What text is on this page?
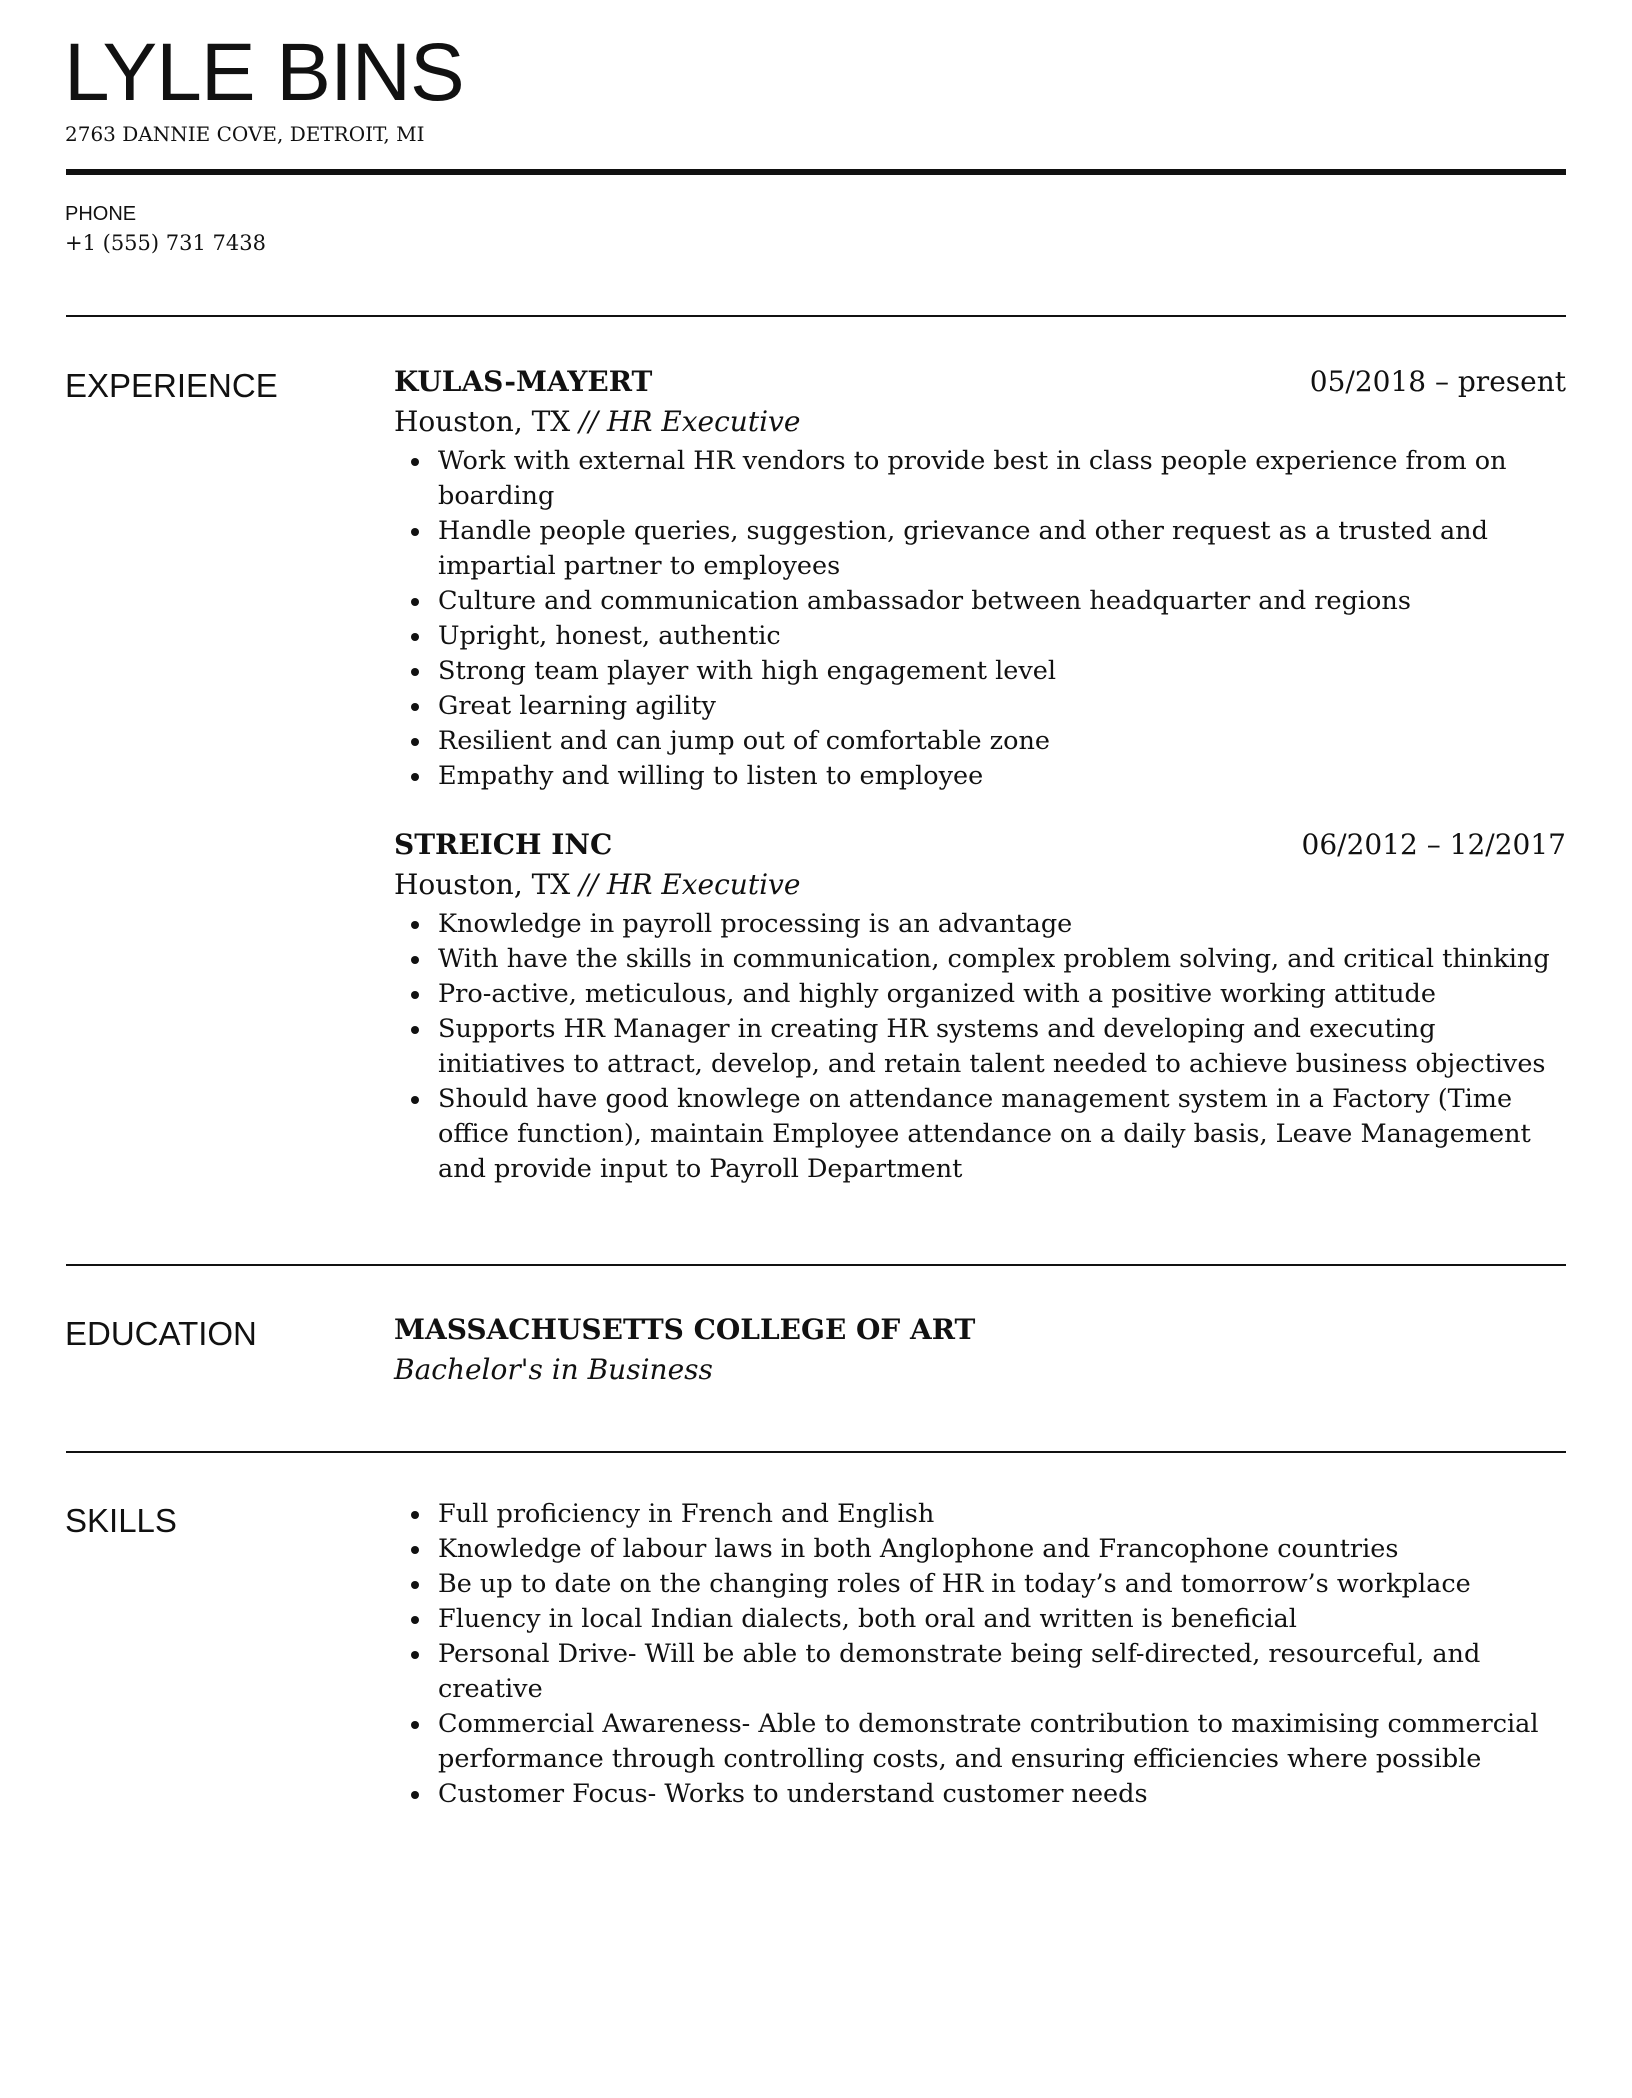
LYLE BINS
2763 DANNIE COVE, DETROIT, MI
PHONE
+1 (555) 731 7438
EXPERIENCE	KULAS-MAYERT	05/2018 – present
Houston, TX // HR Executive
Work with external HR vendors to provide best in class people experience from on boarding
Handle people queries, suggestion, grievance and other request as a trusted and impartial partner to employees
Culture and communication ambassador between headquarter and regions
Upright, honest, authentic
Strong team player with high engagement level
Great learning agility
Resilient and can jump out of comfortable zone
Empathy and willing to listen to employee
STREICH INC	06/2012 – 12/2017
Houston, TX // HR Executive
Knowledge in payroll processing is an advantage
With have the skills in communication, complex problem solving, and critical thinking
Pro-active, meticulous, and highly organized with a positive working attitude
Supports HR Manager in creating HR systems and developing and executing initiatives to attract, develop, and retain talent needed to achieve business objectives
Should have good knowlege on attendance management system in a Factory (Time office function), maintain Employee attendance on a daily basis, Leave Management and provide input to Payroll Department
EDUCATION	MASSACHUSETTS COLLEGE OF ART
Bachelor's in Business
SKILLS	Full proficiency in French and English
Knowledge of labour laws in both Anglophone and Francophone countries
Be up to date on the changing roles of HR in today’s and tomorrow’s workplace
Fluency in local Indian dialects, both oral and written is beneficial
Personal Drive- Will be able to demonstrate being self-directed, resourceful, and creative
Commercial Awareness- Able to demonstrate contribution to maximising commercial performance through controlling costs, and ensuring efficiencies where possible
Customer Focus- Works to understand customer needs
